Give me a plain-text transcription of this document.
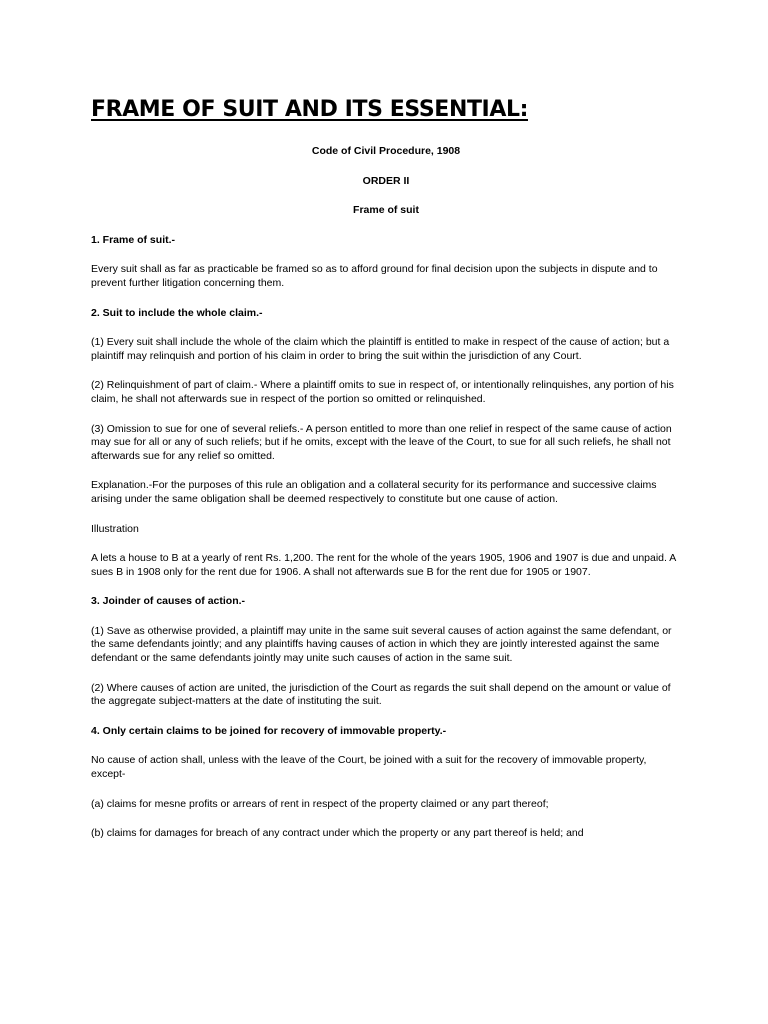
FRAME OF SUIT AND ITS ESSENTIAL:

Code of Civil Procedure, 1908

ORDER II

Frame of suit

1. Frame of suit.-

Every suit shall as far as practicable be framed so as to afford ground for final decision upon the subjects in dispute and to prevent further litigation concerning them.

2. Suit to include the whole claim.-

(1) Every suit shall include the whole of the claim which the plaintiff is entitled to make in respect of the cause of action; but a plaintiff may relinquish and portion of his claim in order to bring the suit within the jurisdiction of any Court.

(2) Relinquishment of part of claim.- Where a plaintiff omits to sue in respect of, or intentionally relinquishes, any portion of his claim, he shall not afterwards sue in respect of the portion so omitted or relinquished.

(3) Omission to sue for one of several reliefs.- A person entitled to more than one relief in respect of the same cause of action may sue for all or any of such reliefs; but if he omits, except with the leave of the Court, to sue for all such reliefs, he shall not afterwards sue for any relief so omitted.

Explanation.-For the purposes of this rule an obligation and a collateral security for its performance and successive claims arising under the same obligation shall be deemed respectively to constitute but one cause of action.

Illustration

A lets a house to B at a yearly of rent Rs. 1,200. The rent for the whole of the years 1905, 1906 and 1907 is due and unpaid. A sues B in 1908 only for the rent due for 1906. A shall not afterwards sue B for the rent due for 1905 or 1907.

3. Joinder of causes of action.-

(1) Save as otherwise provided, a plaintiff may unite in the same suit several causes of action against the same defendant, or the same defendants jointly; and any plaintiffs having causes of action in which they are jointly interested against the same defendant or the same defendants jointly may unite such causes of action in the same suit.

(2) Where causes of action are united, the jurisdiction of the Court as regards the suit shall depend on the amount or value of the aggregate subject-matters at the date of instituting the suit.

4. Only certain claims to be joined for recovery of immovable property.-

No cause of action shall, unless with the leave of the Court, be joined with a suit for the recovery of immovable property, except-

(a) claims for mesne profits or arrears of rent in respect of the property claimed or any part thereof;

(b) claims for damages for breach of any contract under which the property or any part thereof is held; and
